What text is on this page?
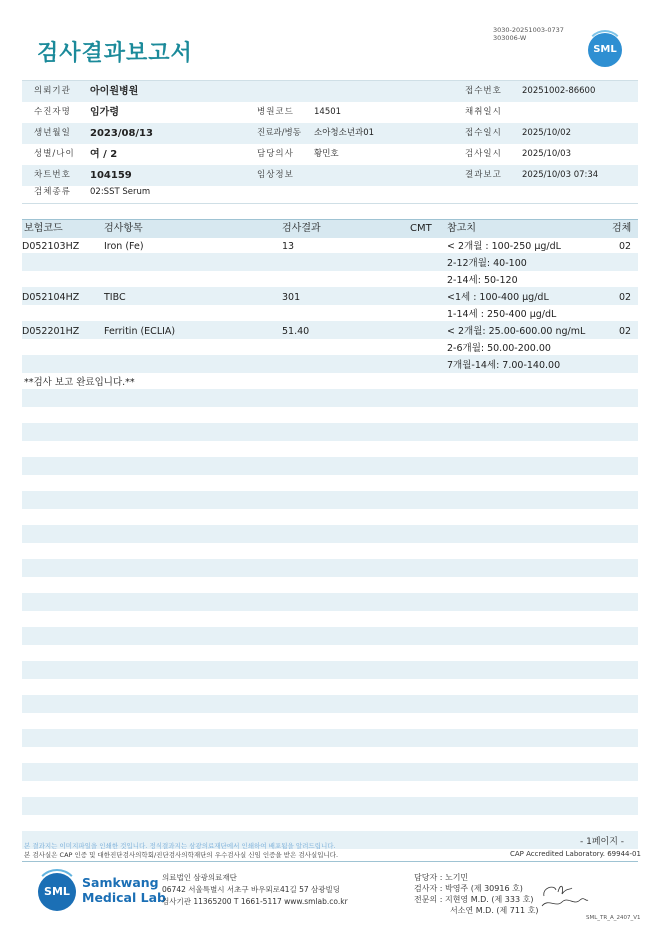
검사결과보고서
3030-20251003-0737
303006-W
SML
의뢰기관 아이원병원	접수번호 20251002-86600
수진자명 임가령	병원코드 14501	채취일시
생년월일 2023/08/13	진료과/병동 소아청소년과01	접수일시 2025/10/02
성별/나이 여 / 2	담당의사 황민호	검사일시 2025/10/03
차트번호 104159	임상정보	결과보고 2025/10/03 07:34
검체종류 02:SST Serum
보험코드	검사항목	검사결과	CMT 참고치	검체
D052103HZ	Iron (Fe)	13	< 2개월 : 100-250 μg/dL	02
2-12개월: 40-100
2-14세: 50-120
D052104HZ	TIBC	301	<1세 : 100-400 μg/dL	02
1-14세 : 250-400 μg/dL
D052201HZ	Ferritin (ECLIA)	51.40	< 2개월: 25.00-600.00 ng/mL	02
2-6개월: 50.00-200.00
7개월-14세: 7.00-140.00
**검사 보고 완료입니다.**
본 결과지는 이미지파일을 인쇄한 것입니다. 정식결과지는 삼광의료재단에서 인쇄하여 배포됨을 알려드립니다.
본 검사실은 CAP 인증 및 대한진단검사의학회/진단검사의학재단의 우수검사실 신임 인증을 받은 검사실입니다.
- 1페이지 -
CAP Accredited Laboratory. 69944-01
SML
Samkwang
Medical Lab
의료법인 삼광의료재단
06742 서울특별시 서초구 바우뫼로41길 57 삼광빌딩
검사기관 11365200 T 1661-5117 www.smlab.co.kr
담당자 : 노기민
검사자 : 박영주 (제 30916 호)
전문의 : 지현영 M.D. (제 333 호)
서소연 M.D. (제 711 호)
SML_TR_A_2407_V1
